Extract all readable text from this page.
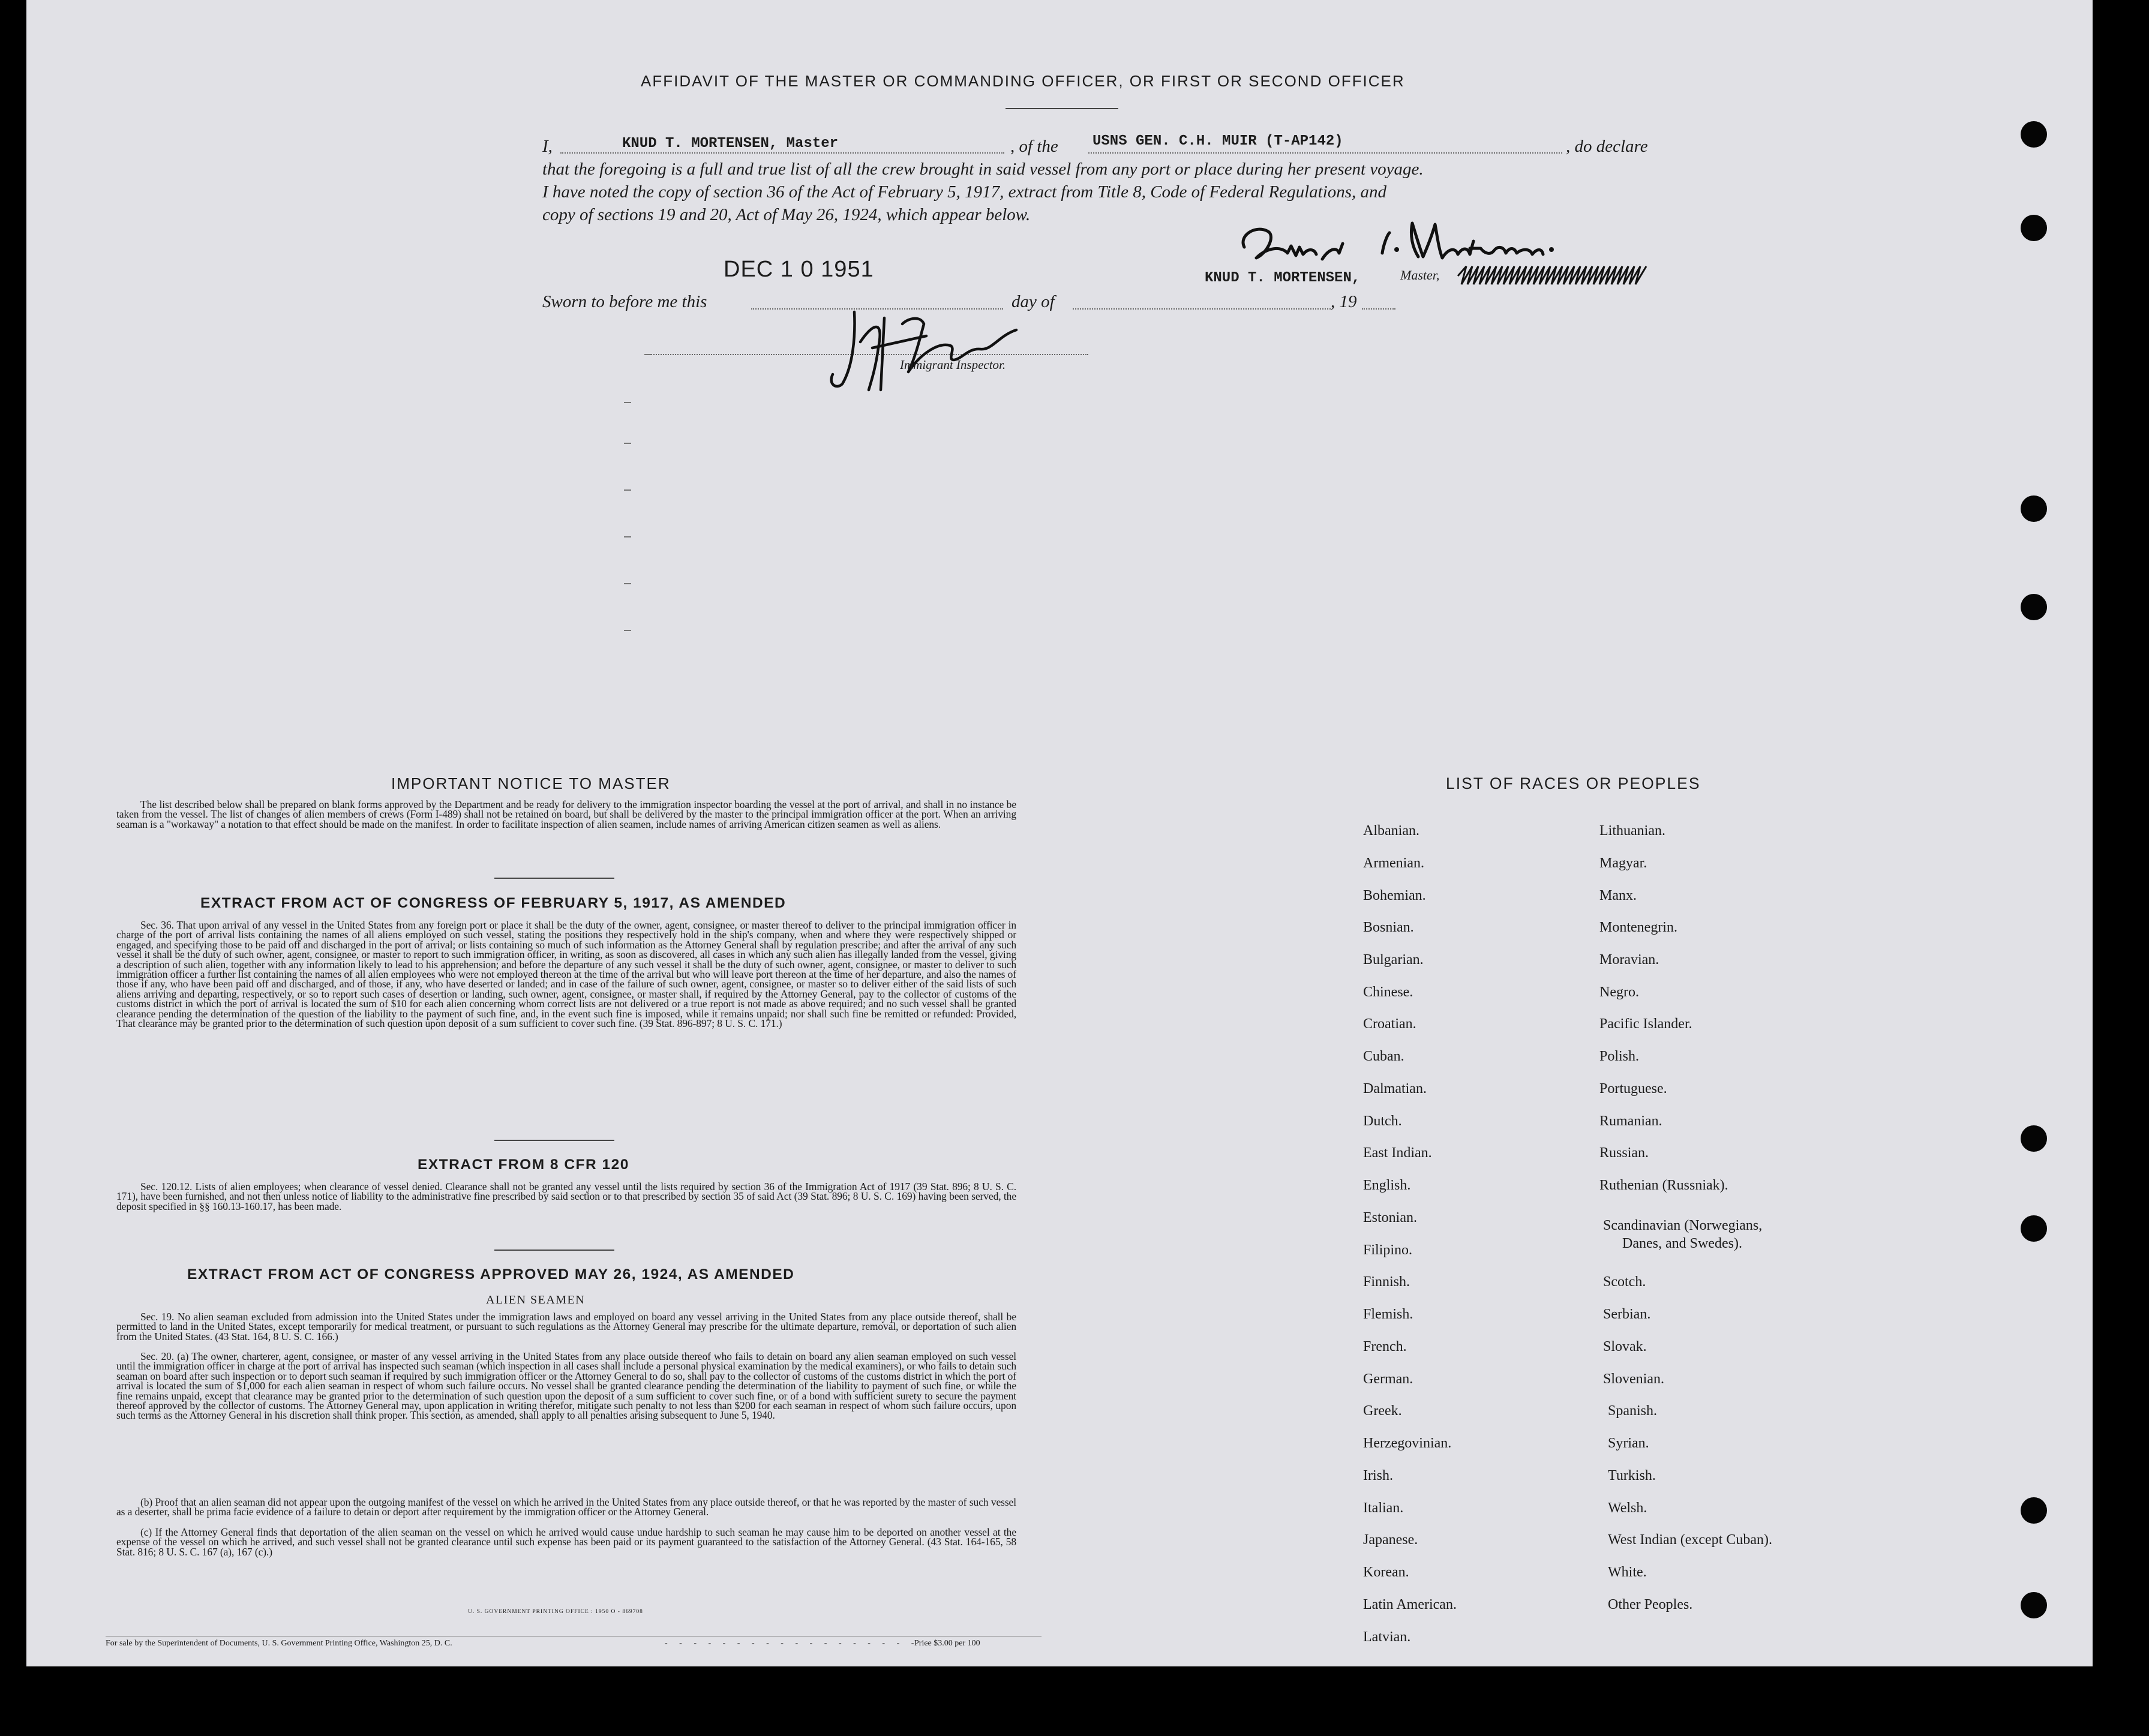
AFFIDAVIT OF THE MASTER OR COMMANDING OFFICER, OR FIRST OR SECOND OFFICER
I,	KNUD T. MORTENSEN, Master	, of the USNS GEN. C.H. MUIR (T-AP142)	, do declare
that the foregoing is a full and true list of all the crew brought in said vessel from any port or place during her present voyage.
I have noted the copy of section 36 of the Act of February 5, 1917, extract from Title 8, Code of Federal Regulations, and
copy of sections 19 and 20, Act of May 26, 1924, which appear below.
DEC 1 0 1951
Sworn to before me this	day of	, 19
KNUD T. MORTENSEN,	Master,
Immigrant Inspector.
IMPORTANT NOTICE TO MASTER
The list described below shall be prepared on blank forms approved by the Department and be ready for delivery to the immigration inspector boarding the vessel at the port of arrival, and shall in no instance be taken from the vessel. The list of changes of alien members of crews (Form I-489) shall not be retained on board, but shall be delivered by the master to the principal immigration officer at the port. When an arriving seaman is a "workaway" a notation to that effect should be made on the manifest. In order to facilitate inspection of alien seamen, include names of arriving American citizen seamen as well as aliens.
EXTRACT FROM ACT OF CONGRESS OF FEBRUARY 5, 1917, AS AMENDED
Sec. 36. That upon arrival of any vessel in the United States from any foreign port or place it shall be the duty of the owner, agent, consignee, or master thereof to deliver to the principal immigration officer in charge of the port of arrival lists containing the names of all aliens employed on such vessel, stating the positions they respectively hold in the ship's company, when and where they were respectively shipped or engaged, and specifying those to be paid off and discharged in the port of arrival; or lists containing so much of such information as the Attorney General shall by regulation prescribe; and after the arrival of any such vessel it shall be the duty of such owner, agent, consignee, or master to report to such immigration officer, in writing, as soon as discovered, all cases in which any such alien has illegally landed from the vessel, giving a description of such alien, together with any information likely to lead to his apprehension; and before the departure of any such vessel it shall be the duty of such owner, agent, consignee, or master to deliver to such immigration officer a further list containing the names of all alien employees who were not employed thereon at the time of the arrival but who will leave port thereon at the time of her departure, and also the names of those if any, who have been paid off and discharged, and of those, if any, who have deserted or landed; and in case of the failure of such owner, agent, consignee, or master so to deliver either of the said lists of such aliens arriving and departing, respectively, or so to report such cases of desertion or landing, such owner, agent, consignee, or master shall, if required by the Attorney General, pay to the collector of customs of the customs district in which the port of arrival is located the sum of $10 for each alien concerning whom correct lists are not delivered or a true report is not made as above required; and no such vessel shall be granted clearance pending the determination of the question of the liability to the payment of such fine, and, in the event such fine is imposed, while it remains unpaid; nor shall such fine be remitted or refunded: Provided, That clearance may be granted prior to the determination of such question upon deposit of a sum sufficient to cover such fine. (39 Stat. 896-897; 8 U. S. C. 171.)
EXTRACT FROM 8 CFR 120
Sec. 120.12. Lists of alien employees; when clearance of vessel denied. Clearance shall not be granted any vessel until the lists required by section 36 of the Immigration Act of 1917 (39 Stat. 896; 8 U. S. C. 171), have been furnished, and not then unless notice of liability to the administrative fine prescribed by said section or to that prescribed by section 35 of said Act (39 Stat. 896; 8 U. S. C. 169) having been served, the deposit specified in §§ 160.13-160.17, has been made.
EXTRACT FROM ACT OF CONGRESS APPROVED MAY 26, 1924, AS AMENDED
ALIEN SEAMEN
Sec. 19. No alien seaman excluded from admission into the United States under the immigration laws and employed on board any vessel arriving in the United States from any place outside thereof, shall be permitted to land in the United States, except temporarily for medical treatment, or pursuant to such regulations as the Attorney General may prescribe for the ultimate departure, removal, or deportation of such alien from the United States. (43 Stat. 164, 8 U. S. C. 166.)
Sec. 20. (a) The owner, charterer, agent, consignee, or master of any vessel arriving in the United States from any place outside thereof who fails to detain on board any alien seaman employed on such vessel until the immigration officer in charge at the port of arrival has inspected such seaman (which inspection in all cases shall include a personal physical examination by the medical examiners), or who fails to detain such seaman on board after such inspection or to deport such seaman if required by such immigration officer or the Attorney General to do so, shall pay to the collector of customs of the customs district in which the port of arrival is located the sum of $1,000 for each alien seaman in respect of whom such failure occurs. No vessel shall be granted clearance pending the determination of the liability to payment of such fine, or while the fine remains unpaid, except that clearance may be granted prior to the determination of such question upon the deposit of a sum sufficient to cover such fine, or of a bond with sufficient surety to secure the payment thereof approved by the collector of customs. The Attorney General may, upon application in writing therefor, mitigate such penalty to not less than $200 for each seaman in respect of whom such failure occurs, upon such terms as the Attorney General in his discretion shall think proper. This section, as amended, shall apply to all penalties arising subsequent to June 5, 1940.
(b) Proof that an alien seaman did not appear upon the outgoing manifest of the vessel on which he arrived in the United States from any place outside thereof, or that he was reported by the master of such vessel as a deserter, shall be prima facie evidence of a failure to detain or deport after requirement by the immigration officer or the Attorney General.
(c) If the Attorney General finds that deportation of the alien seaman on the vessel on which he arrived would cause undue hardship to such seaman he may cause him to be deported on another vessel at the expense of the vessel on which he arrived, and such vessel shall not be granted clearance until such expense has been paid or its payment guaranteed to the satisfaction of the Attorney General. (43 Stat. 164-165, 58 Stat. 816; 8 U. S. C. 167 (a), 167 (c).)
U. S. GOVERNMENT PRINTING OFFICE : 1950 O - 869708
For sale by the Superintendent of Documents, U. S. Government Printing Office, Washington 25, D. C.	- - - - - - - - - - - - - - - - - - -
Price $3.00 per 100
LIST OF RACES OR PEOPLES
Albanian.
Armenian.
Bohemian.
Bosnian.
Bulgarian.
Chinese.
Croatian.
Cuban.
Dalmatian.
Dutch.
East Indian.
English.
Estonian.
Filipino.
Finnish.
Flemish.
French.
German.
Greek.
Herzegovinian.
Irish.
Italian.
Japanese.
Korean.
Latin American.
Latvian.
Lithuanian.
Magyar.
Manx.
Montenegrin.
Moravian.
Negro.
Pacific Islander.
Polish.
Portuguese.
Rumanian.
Russian.
Ruthenian (Russniak).
Scandinavian (Norwegians,
Danes, and Swedes).
Scotch.
Serbian.
Slovak.
Slovenian.
Spanish.
Syrian.
Turkish.
Welsh.
West Indian (except Cuban).
White.
Other Peoples.
